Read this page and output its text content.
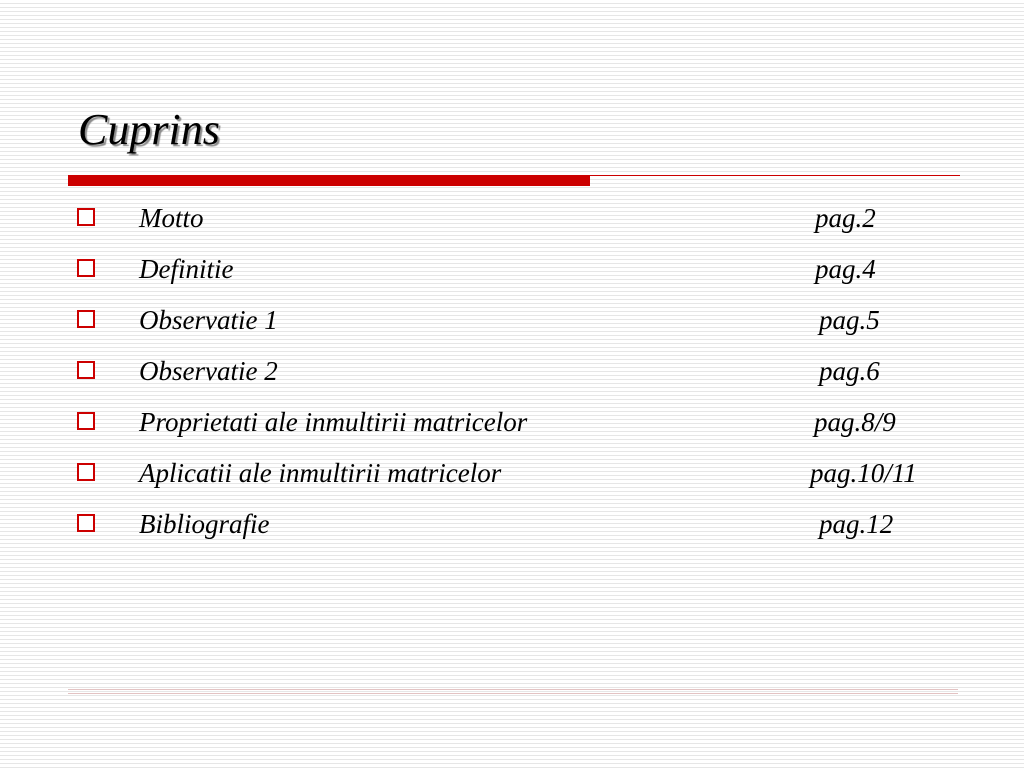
Cuprins
Motto	pag.2
Definitie	pag.4
Observatie 1	pag.5
Observatie 2	pag.6
Proprietati ale inmultirii matricelor	pag.8/9
Aplicatii ale inmultirii matricelor	pag.10/11
Bibliografie	pag.12
